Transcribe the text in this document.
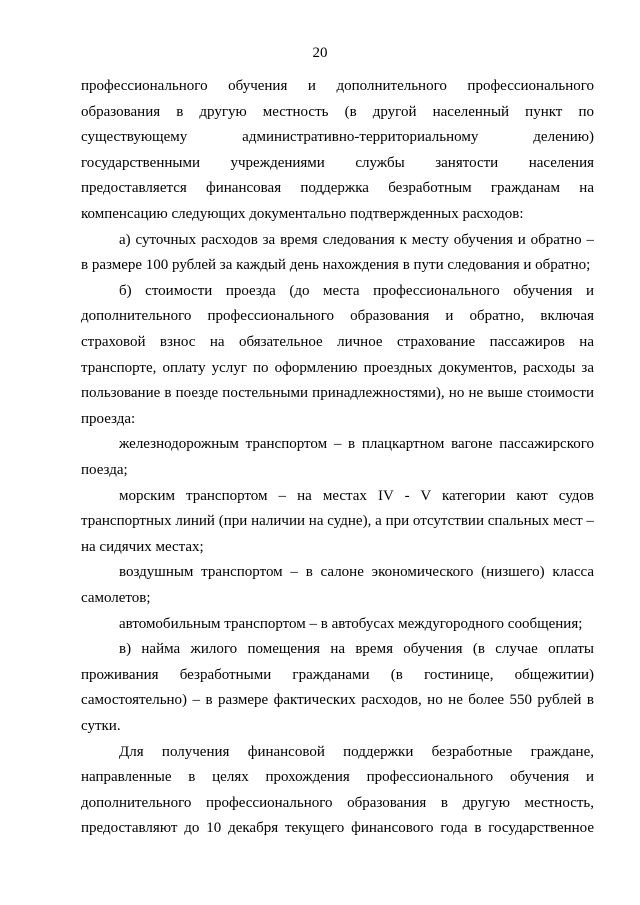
20
профессионального обучения и дополнительного профессионального
образования в другую местность (в другой населенный пункт по
существующему административно-территориальному делению)
государственными учреждениями службы занятости населения
предоставляется финансовая поддержка безработным гражданам на
компенсацию следующих документально подтвержденных расходов:
а) суточных расходов за время следования к месту обучения и обратно –
в размере 100 рублей за каждый день нахождения в пути следования и обратно;
б) стоимости проезда (до места профессионального обучения и
дополнительного профессионального образования и обратно, включая
страховой взнос на обязательное личное страхование пассажиров на
транспорте, оплату услуг по оформлению проездных документов, расходы за
пользование в поезде постельными принадлежностями), но не выше стоимости
проезда:
железнодорожным транспортом – в плацкартном вагоне пассажирского
поезда;
морским транспортом – на местах IV - V категории кают судов
транспортных линий (при наличии на судне), а при отсутствии спальных мест –
на сидячих местах;
воздушным транспортом – в салоне экономического (низшего) класса
самолетов;
автомобильным транспортом – в автобусах междугородного сообщения;
в) найма жилого помещения на время обучения (в случае оплаты
проживания безработными гражданами (в гостинице, общежитии)
самостоятельно) – в размере фактических расходов, но не более 550 рублей в
сутки.
Для получения финансовой поддержки безработные граждане,
направленные в целях прохождения профессионального обучения и
дополнительного профессионального образования в другую местность,
предоставляют до 10 декабря текущего финансового года в государственное
